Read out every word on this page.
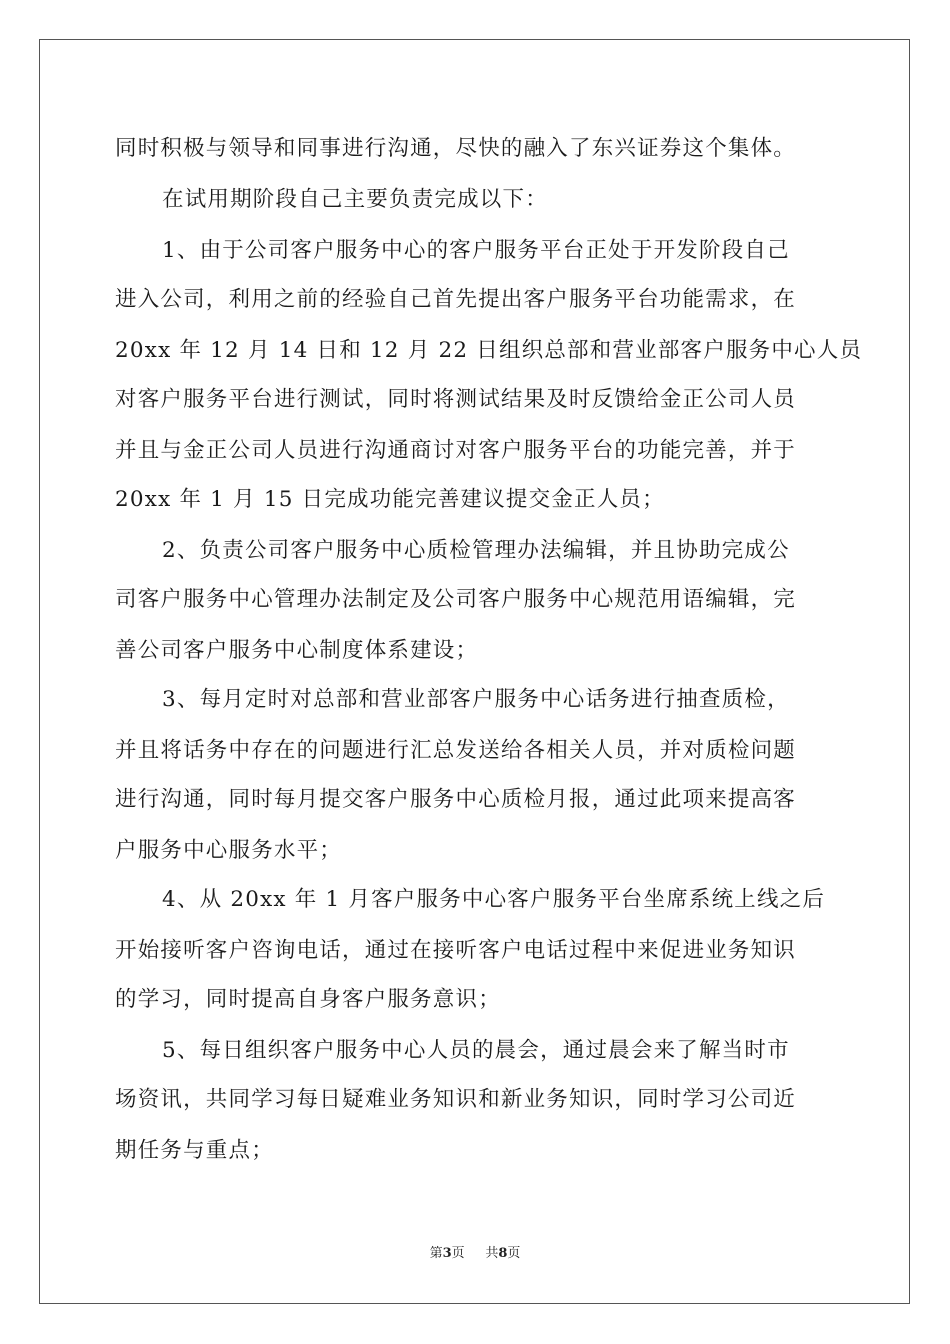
同时积极与领导和同事进行沟通，尽快的融入了东兴证券这个集体。
在试用期阶段自己主要负责完成以下：
1、由于公司客户服务中心的客户服务平台正处于开发阶段自己
进入公司，利用之前的经验自己首先提出客户服务平台功能需求，在
20xx 年 12 月 14 日和 12 月 22 日组织总部和营业部客户服务中心人员
对客户服务平台进行测试，同时将测试结果及时反馈给金正公司人员
并且与金正公司人员进行沟通商讨对客户服务平台的功能完善，并于
20xx 年 1 月 15 日完成功能完善建议提交金正人员；
2、负责公司客户服务中心质检管理办法编辑，并且协助完成公
司客户服务中心管理办法制定及公司客户服务中心规范用语编辑，完
善公司客户服务中心制度体系建设；
3、每月定时对总部和营业部客户服务中心话务进行抽查质检，
并且将话务中存在的问题进行汇总发送给各相关人员，并对质检问题
进行沟通，同时每月提交客户服务中心质检月报，通过此项来提高客
户服务中心服务水平；
4、从 20xx 年 1 月客户服务中心客户服务平台坐席系统上线之后
开始接听客户咨询电话，通过在接听客户电话过程中来促进业务知识
的学习，同时提高自身客户服务意识；
5、每日组织客户服务中心人员的晨会，通过晨会来了解当时市
场资讯，共同学习每日疑难业务知识和新业务知识，同时学习公司近
期任务与重点；
第3页 共8页
